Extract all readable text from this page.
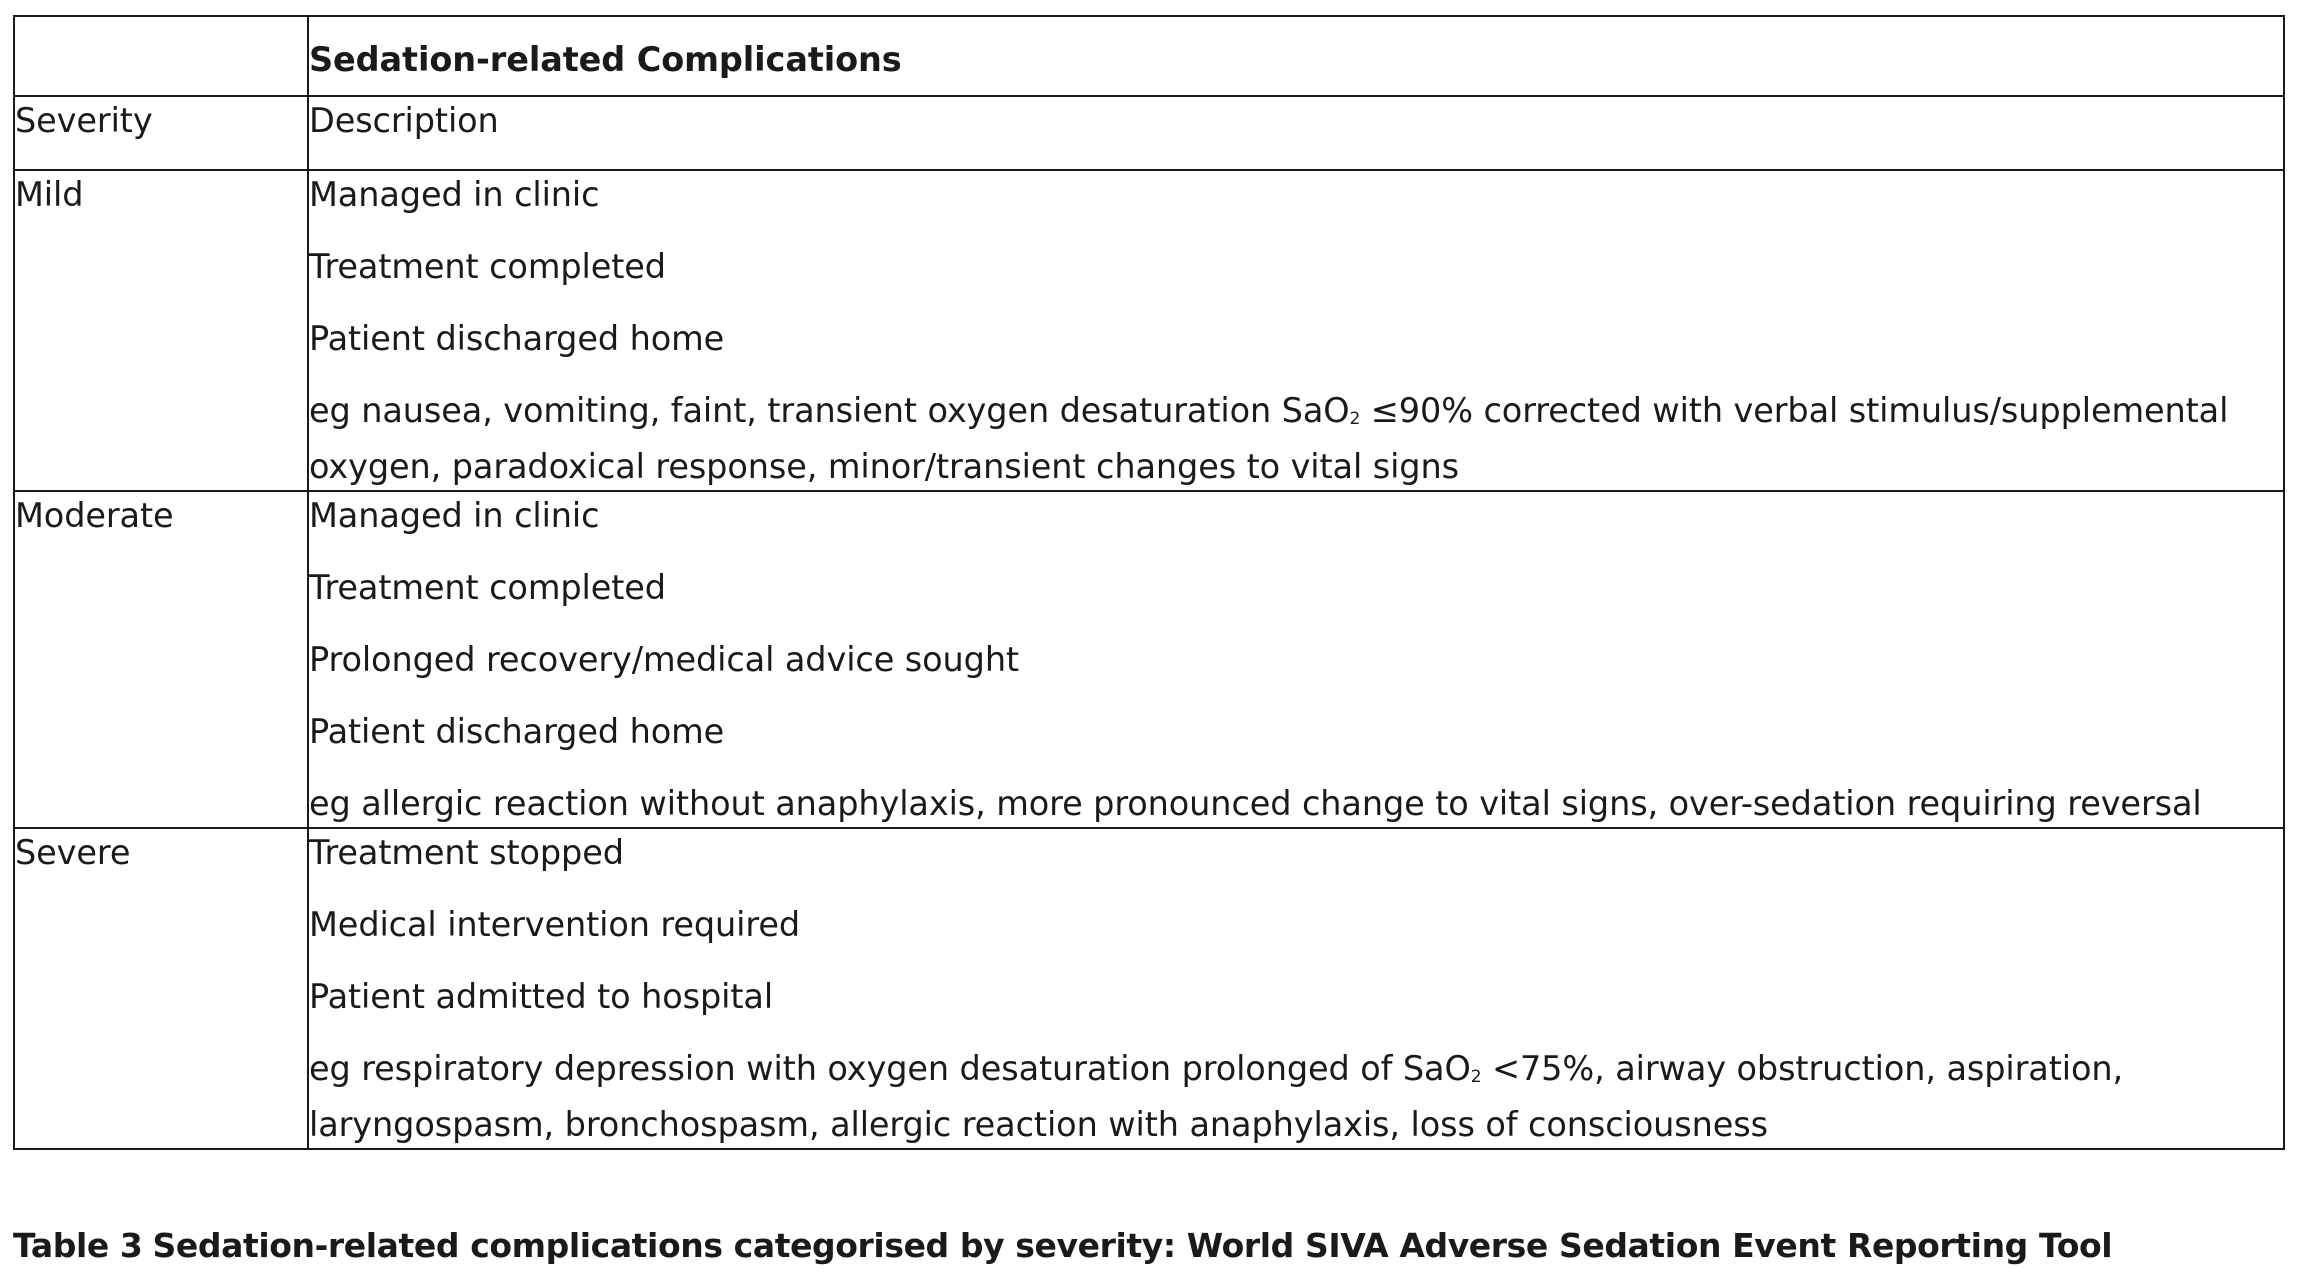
	Sedation-related Complications

Severity	Description

Mild	Managed in clinic
Treatment completed
Patient discharged home
eg nausea, vomiting, faint, transient oxygen desaturation SaO$_2$ ≤90% corrected with verbal stimulus/supplemental oxygen, paradoxical response, minor/transient changes to vital signs

Moderate	Managed in clinic
Treatment completed
Prolonged recovery/medical advice sought
Patient discharged home
eg allergic reaction without anaphylaxis, more pronounced change to vital signs, over-sedation requiring reversal

Severe	Treatment stopped
Medical intervention required
Patient admitted to hospital
eg respiratory depression with oxygen desaturation prolonged of SaO$_2$ <75%, airway obstruction, aspiration, laryngospasm, bronchospasm, allergic reaction with anaphylaxis, loss of consciousness
Table 3 Sedation-related complications categorised by severity: World SIVA Adverse Sedation Event Reporting Tool
